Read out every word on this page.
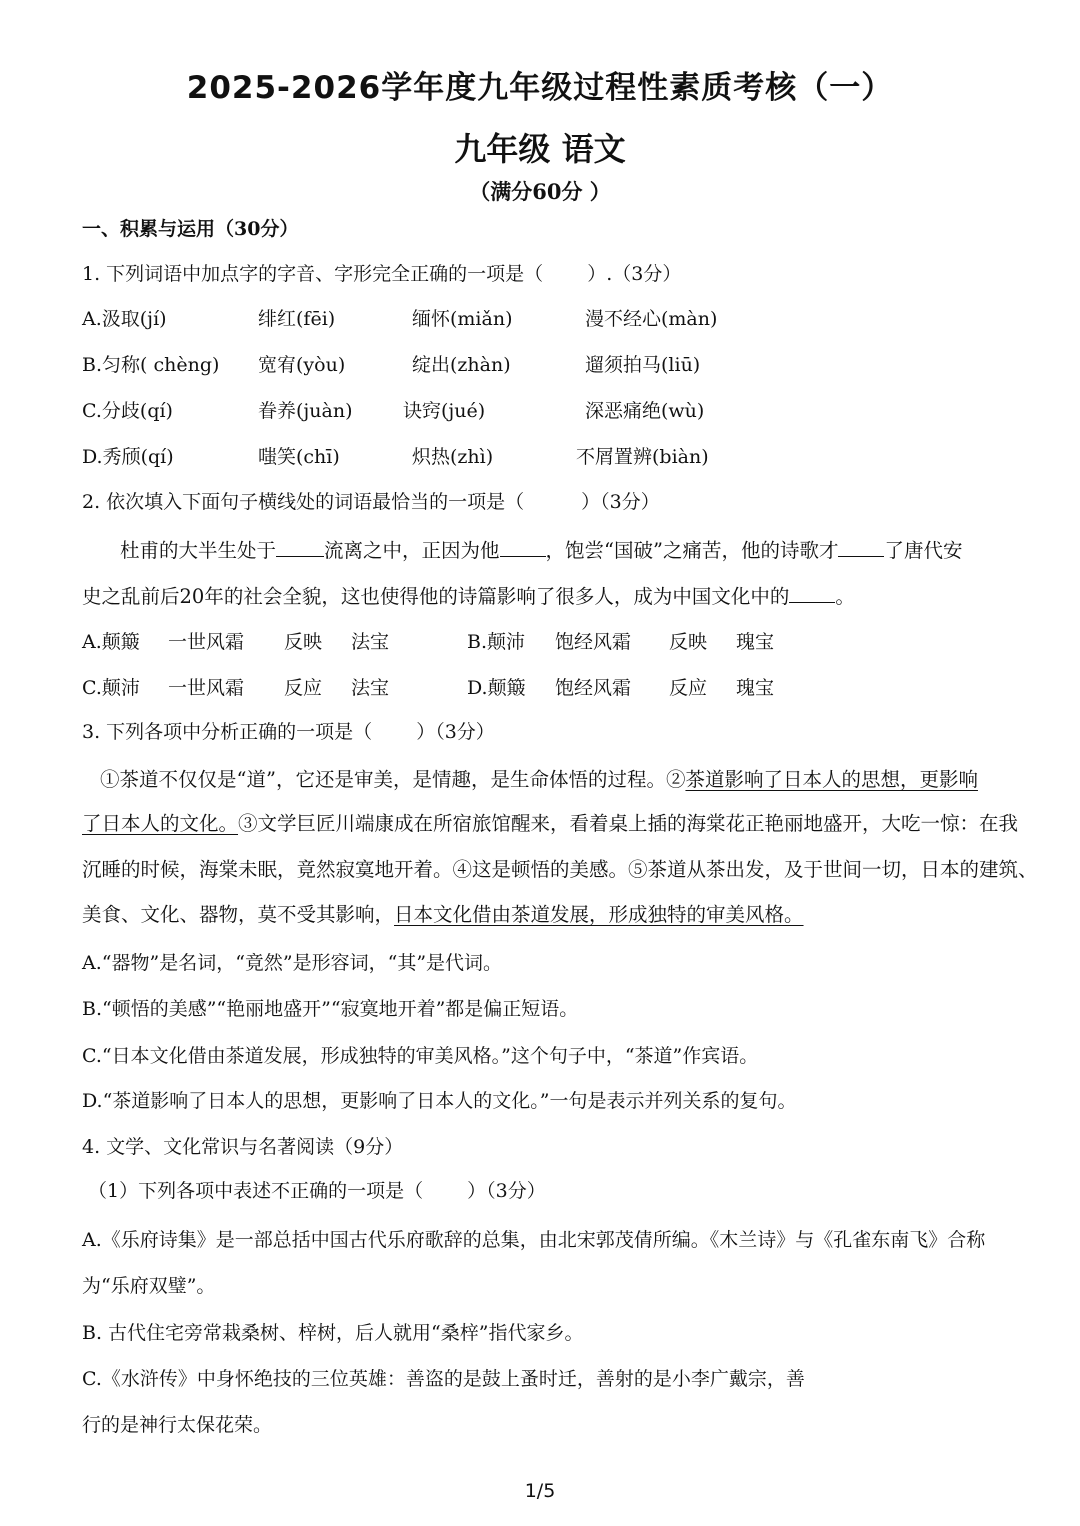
2025-2026学年度九年级过程性素质考核（一）
九年级 语文
（满分60分 ）
一、积累与运用（30分）
1. 下列词语中加点字的字音、字形完全正确的一项是（　　 ）.（3分）
A.汲取(jí)	绯红(fēi)	缅怀(miǎn)	漫不经心(màn)
B.匀称( chèng) 宽宥(yòu)	绽出(zhàn)	遛须拍马(liū)
C.分歧(qí)	眷养(juàn)	诀窍(jué)	深恶痛绝(wù)
D.秀颀(qí)	嗤笑(chī)	炽热(zhì)	不屑置辨(biàn)
2. 依次填入下面句子横线处的词语最恰当的一项是（　　　）（3分）
杜甫的大半生处于 流离之中，正因为他 ，饱尝“国破”之痛苦，他的诗歌才 了唐代安
史之乱前后20年的社会全貌，这也使得他的诗篇影响了很多人，成为中国文化中的 。
A.颠簸 一世风霜 反映 法宝	B.颠沛 饱经风霜 反映 瑰宝
C.颠沛 一世风霜 反应 法宝	D.颠簸 饱经风霜 反应 瑰宝
3. 下列各项中分析正确的一项是（　　 ）（3分）
①茶道不仅仅是“道”，它还是审美，是情趣，是生命体悟的过程。②茶道影响了日本人的思想，更影响
了日本人的文化。③文学巨匠川端康成在所宿旅馆醒来，看着桌上插的海棠花正艳丽地盛开，大吃一惊：在我
沉睡的时候，海棠未眠，竟然寂寞地开着。④这是顿悟的美感。⑤茶道从茶出发，及于世间一切，日本的建筑、
美食、文化、器物，莫不受其影响，日本文化借由茶道发展，形成独特的审美风格。
A.“器物”是名词，“竟然”是形容词，“其”是代词。
B.“顿悟的美感”“艳丽地盛开”“寂寞地开着”都是偏正短语。
C.“日本文化借由茶道发展，形成独特的审美风格。”这个句子中，“茶道”作宾语。
D.“茶道影响了日本人的思想，更影响了日本人的文化。”一句是表示并列关系的复句。
4. 文学、文化常识与名著阅读（9分）
（1）下列各项中表述不正确的一项是（　　 ）（3分）
A.《乐府诗集》是一部总括中国古代乐府歌辞的总集，由北宋郭茂倩所编。《木兰诗》与《孔雀东南飞》合称
为“乐府双璧”。
B. 古代住宅旁常栽桑树、梓树，后人就用“桑梓”指代家乡。
C.《水浒传》中身怀绝技的三位英雄：善盗的是鼓上蚤时迁，善射的是小李广戴宗，善
行的是神行太保花荣。
1/5
